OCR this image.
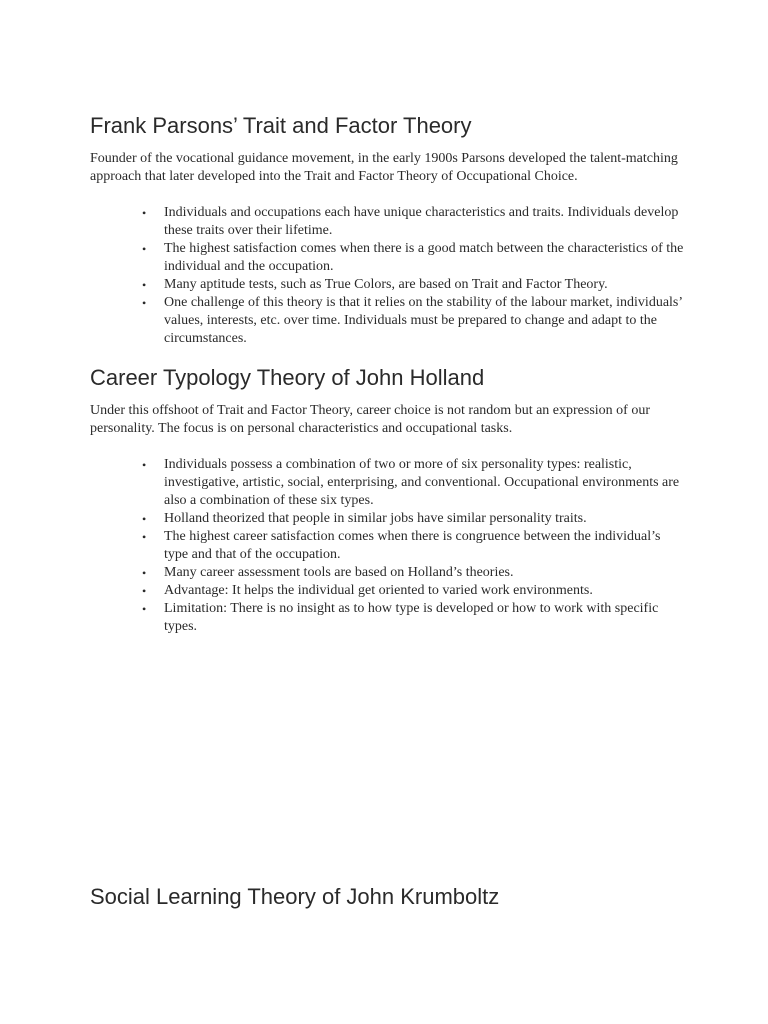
Frank Parsons’ Trait and Factor Theory

Founder of the vocational guidance movement, in the early 1900s Parsons developed the talent-matching approach that later developed into the Trait and Factor Theory of Occupational Choice.

• Individuals and occupations each have unique characteristics and traits. Individuals develop these traits over their lifetime.
• The highest satisfaction comes when there is a good match between the characteristics of the individual and the occupation.
• Many aptitude tests, such as True Colors, are based on Trait and Factor Theory.
• One challenge of this theory is that it relies on the stability of the labour market, individuals’ values, interests, etc. over time. Individuals must be prepared to change and adapt to the circumstances.
Career Typology Theory of John Holland

Under this offshoot of Trait and Factor Theory, career choice is not random but an expression of our personality. The focus is on personal characteristics and occupational tasks.

• Individuals possess a combination of two or more of six personality types: realistic, investigative, artistic, social, enterprising, and conventional. Occupational environments are also a combination of these six types.
• Holland theorized that people in similar jobs have similar personality traits.
• The highest career satisfaction comes when there is congruence between the individual’s type and that of the occupation.
• Many career assessment tools are based on Holland’s theories.
• Advantage: It helps the individual get oriented to varied work environments.
• Limitation: There is no insight as to how type is developed or how to work with specific types.
Social Learning Theory of John Krumboltz
